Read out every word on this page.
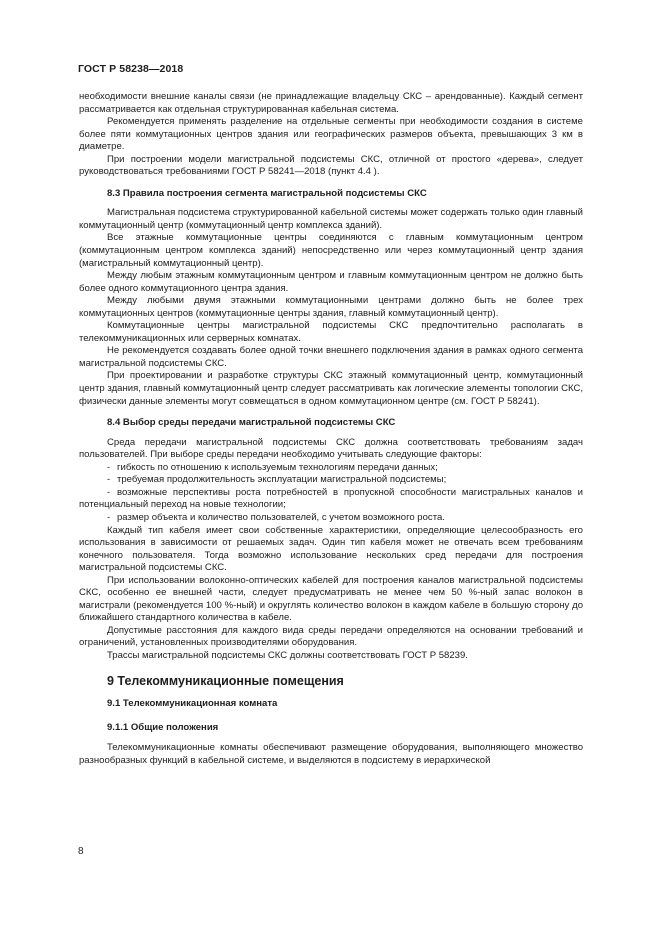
ГОСТ Р 58238—2018

необходимости внешние каналы связи (не принадлежащие владельцу СКС – арендованные). Каждый сегмент рассматривается как отдельная структурированная кабельная система.

Рекомендуется применять разделение на отдельные сегменты при необходимости создания в системе более пяти коммутационных центров здания или географических размеров объекта, превышающих 3 км в диаметре.

При построении модели магистральной подсистемы СКС, отличной от простого «дерева», следует руководствоваться требованиями ГОСТ Р 58241—2018 (пункт 4.4 ).

8.3 Правила построения сегмента магистральной подсистемы СКС

Магистральная подсистема структурированной кабельной системы может содержать только один главный коммутационный центр (коммутационный центр комплекса зданий).

Все этажные коммутационные центры соединяются с главным коммутационным центром (коммутационным центром комплекса зданий) непосредственно или через коммутационный центр здания (магистральный коммутационный центр).

Между любым этажным коммутационным центром и главным коммутационным центром не должно быть более одного коммутационного центра здания.

Между любыми двумя этажными коммутационными центрами должно быть не более трех коммутационных центров (коммутационные центры здания, главный коммутационный центр).

Коммутационные центры магистральной подсистемы СКС предпочтительно располагать в телекоммуникационных или серверных комнатах.

Не рекомендуется создавать более одной точки внешнего подключения здания в рамках одного сегмента магистральной подсистемы СКС.

При проектировании и разработке структуры СКС этажный коммутационный центр, коммутационный центр здания, главный коммутационный центр следует рассматривать как логические элементы топологии СКС, физически данные элементы могут совмещаться в одном коммутационном центре (см. ГОСТ Р 58241).

8.4 Выбор среды передачи магистральной подсистемы СКС

Среда передачи магистральной подсистемы СКС должна соответствовать требованиям задач пользователей. При выборе среды передачи необходимо учитывать следующие факторы:

- гибкость по отношению к используемым технологиям передачи данных;

- требуемая продолжительность эксплуатации магистральной подсистемы;

- возможные перспективы роста потребностей в пропускной способности магистральных каналов и потенциальный переход на новые технологии;

- размер объекта и количество пользователей, с учетом возможного роста.

Каждый тип кабеля имеет свои собственные характеристики, определяющие целесообразность его использования в зависимости от решаемых задач. Один тип кабеля может не отвечать всем требованиям конечного пользователя. Тогда возможно использование нескольких сред передачи для построения магистральной подсистемы СКС.

При использовании волоконно-оптических кабелей для построения каналов магистральной подсистемы СКС, особенно ее внешней части, следует предусматривать не менее чем 50 %-ный запас волокон в магистрали (рекомендуется 100 %-ный) и округлять количество волокон в каждом кабеле в большую сторону до ближайшего стандартного количества в кабеле.

Допустимые расстояния для каждого вида среды передачи определяются на основании требований и ограничений, установленных производителями оборудования.

Трассы магистральной подсистемы СКС должны соответствовать ГОСТ Р 58239.

9 Телекоммуникационные помещения

9.1 Телекоммуникационная комната

9.1.1 Общие положения

Телекоммуникационные комнаты обеспечивают размещение оборудования, выполняющего множество разнообразных функций в кабельной системе, и выделяются в подсистему в иерархической

8
